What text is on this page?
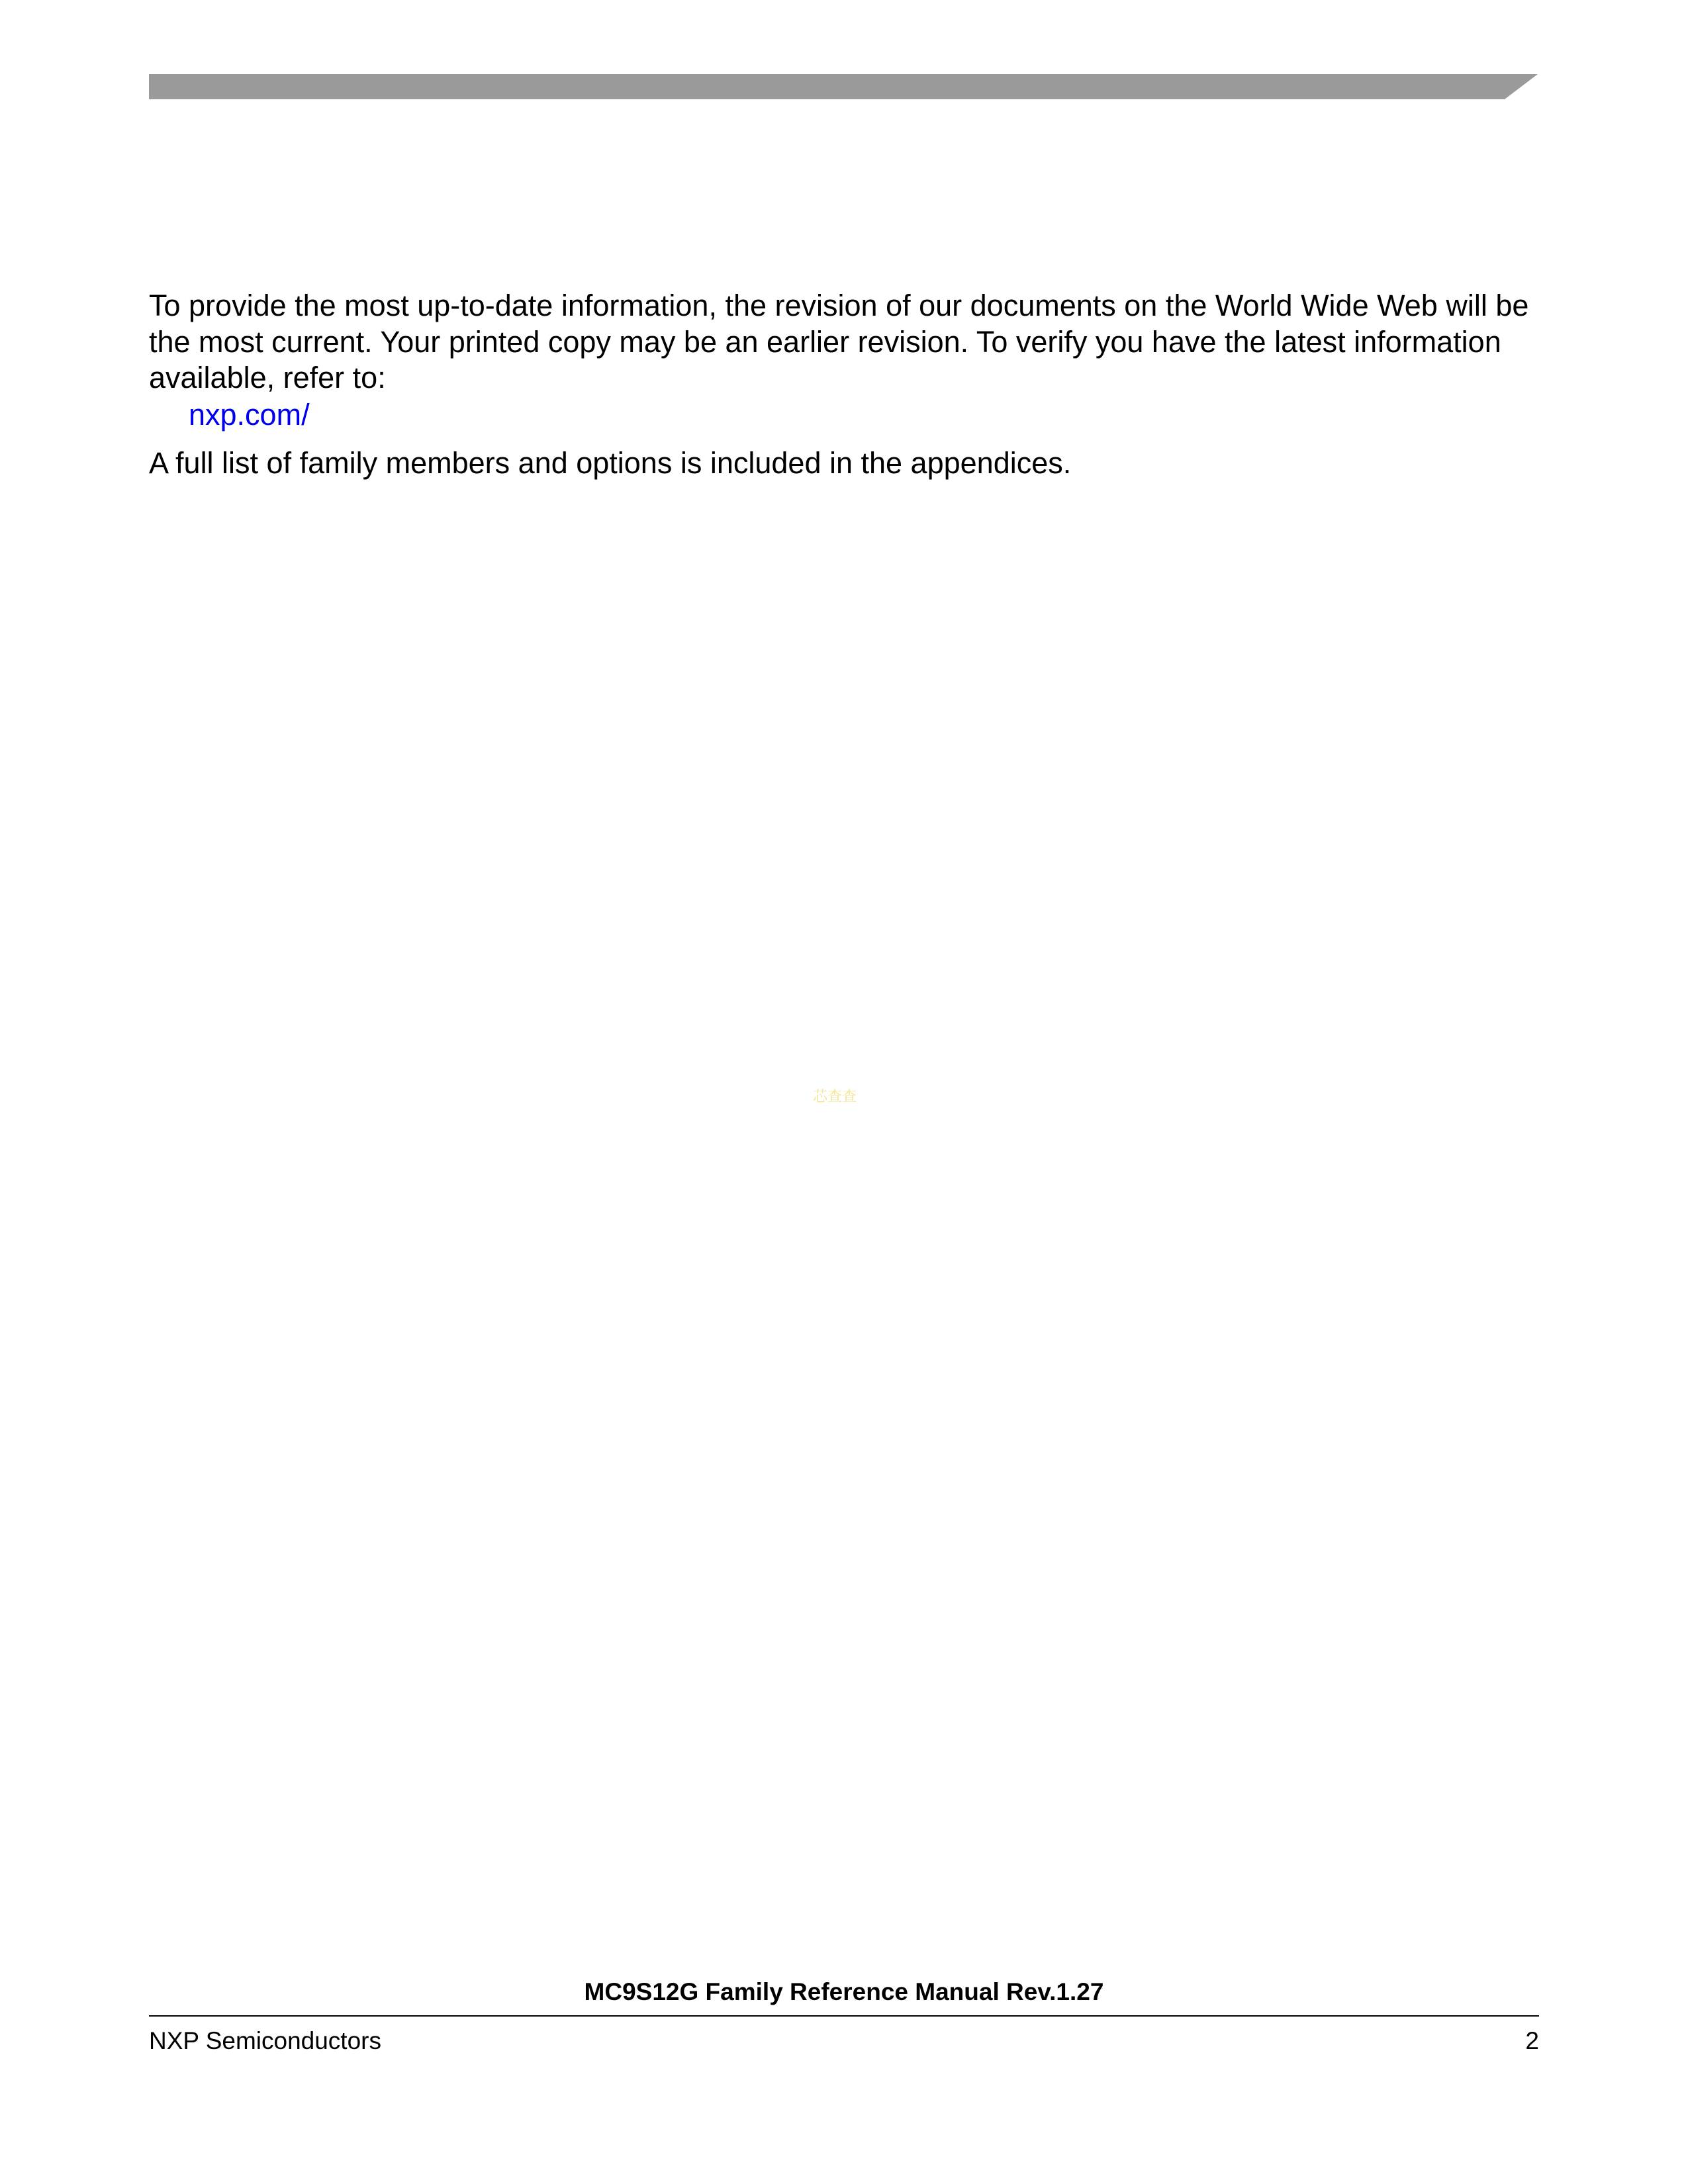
To provide the most up-to-date information, the revision of our documents on the World Wide Web will be the most current. Your printed copy may be an earlier revision. To verify you have the latest information available, refer to:

nxp.com/

A full list of family members and options is included in the appendices.

芯查查
MC9S12G Family Reference Manual Rev.1.27
NXP Semiconductors	2
